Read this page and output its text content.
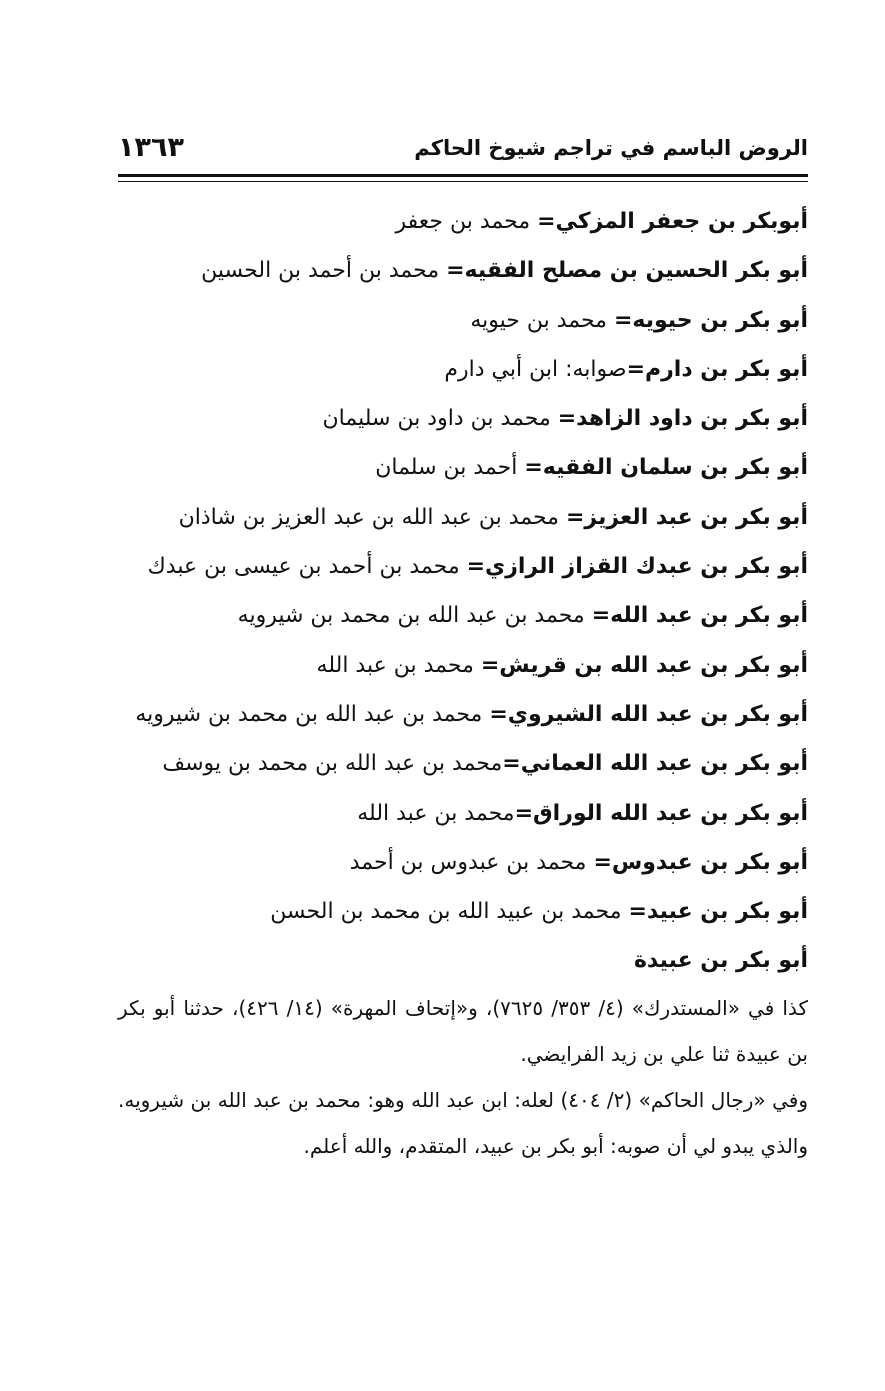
الروض الباسم في تراجم شيوخ الحاكم
١٣٦٣
أبوبكر بن جعفر المزكي= محمد بن جعفر
أبو بكر الحسين بن مصلح الفقيه= محمد بن أحمد بن الحسين
أبو بكر بن حيويه= محمد بن حيويه
أبو بكر بن دارم=صوابه: ابن أبي دارم
أبو بكر بن داود الزاهد= محمد بن داود بن سليمان
أبو بكر بن سلمان الفقيه= أحمد بن سلمان
أبو بكر بن عبد العزيز= محمد بن عبد الله بن عبد العزيز بن شاذان
أبو بكر بن عبدك القزاز الرازي= محمد بن أحمد بن عيسى بن عبدك
أبو بكر بن عبد الله= محمد بن عبد الله بن محمد بن شيرويه
أبو بكر بن عبد الله بن قريش= محمد بن عبد الله
أبو بكر بن عبد الله الشيروي= محمد بن عبد الله بن محمد بن شيرويه
أبو بكر بن عبد الله العماني=محمد بن عبد الله بن محمد بن يوسف
أبو بكر بن عبد الله الوراق=محمد بن عبد الله
أبو بكر بن عبدوس= محمد بن عبدوس بن أحمد
أبو بكر بن عبيد= محمد بن عبيد الله بن محمد بن الحسن
أبو بكر بن عبيدة

كذا في «المستدرك» (٤/ ٣٥٣/ ٧٦٢٥)، و«إتحاف المهرة» (١٤/ ٤٢٦)، حدثنا أبو بكر بن عبيدة ثنا علي بن زيد الفرايضي.

وفي «رجال الحاكم» (٢/ ٤٠٤) لعله: ابن عبد الله وهو: محمد بن عبد الله بن شيرويه. والذي يبدو لي أن صوبه: أبو بكر بن عبيد، المتقدم، والله أعلم.
